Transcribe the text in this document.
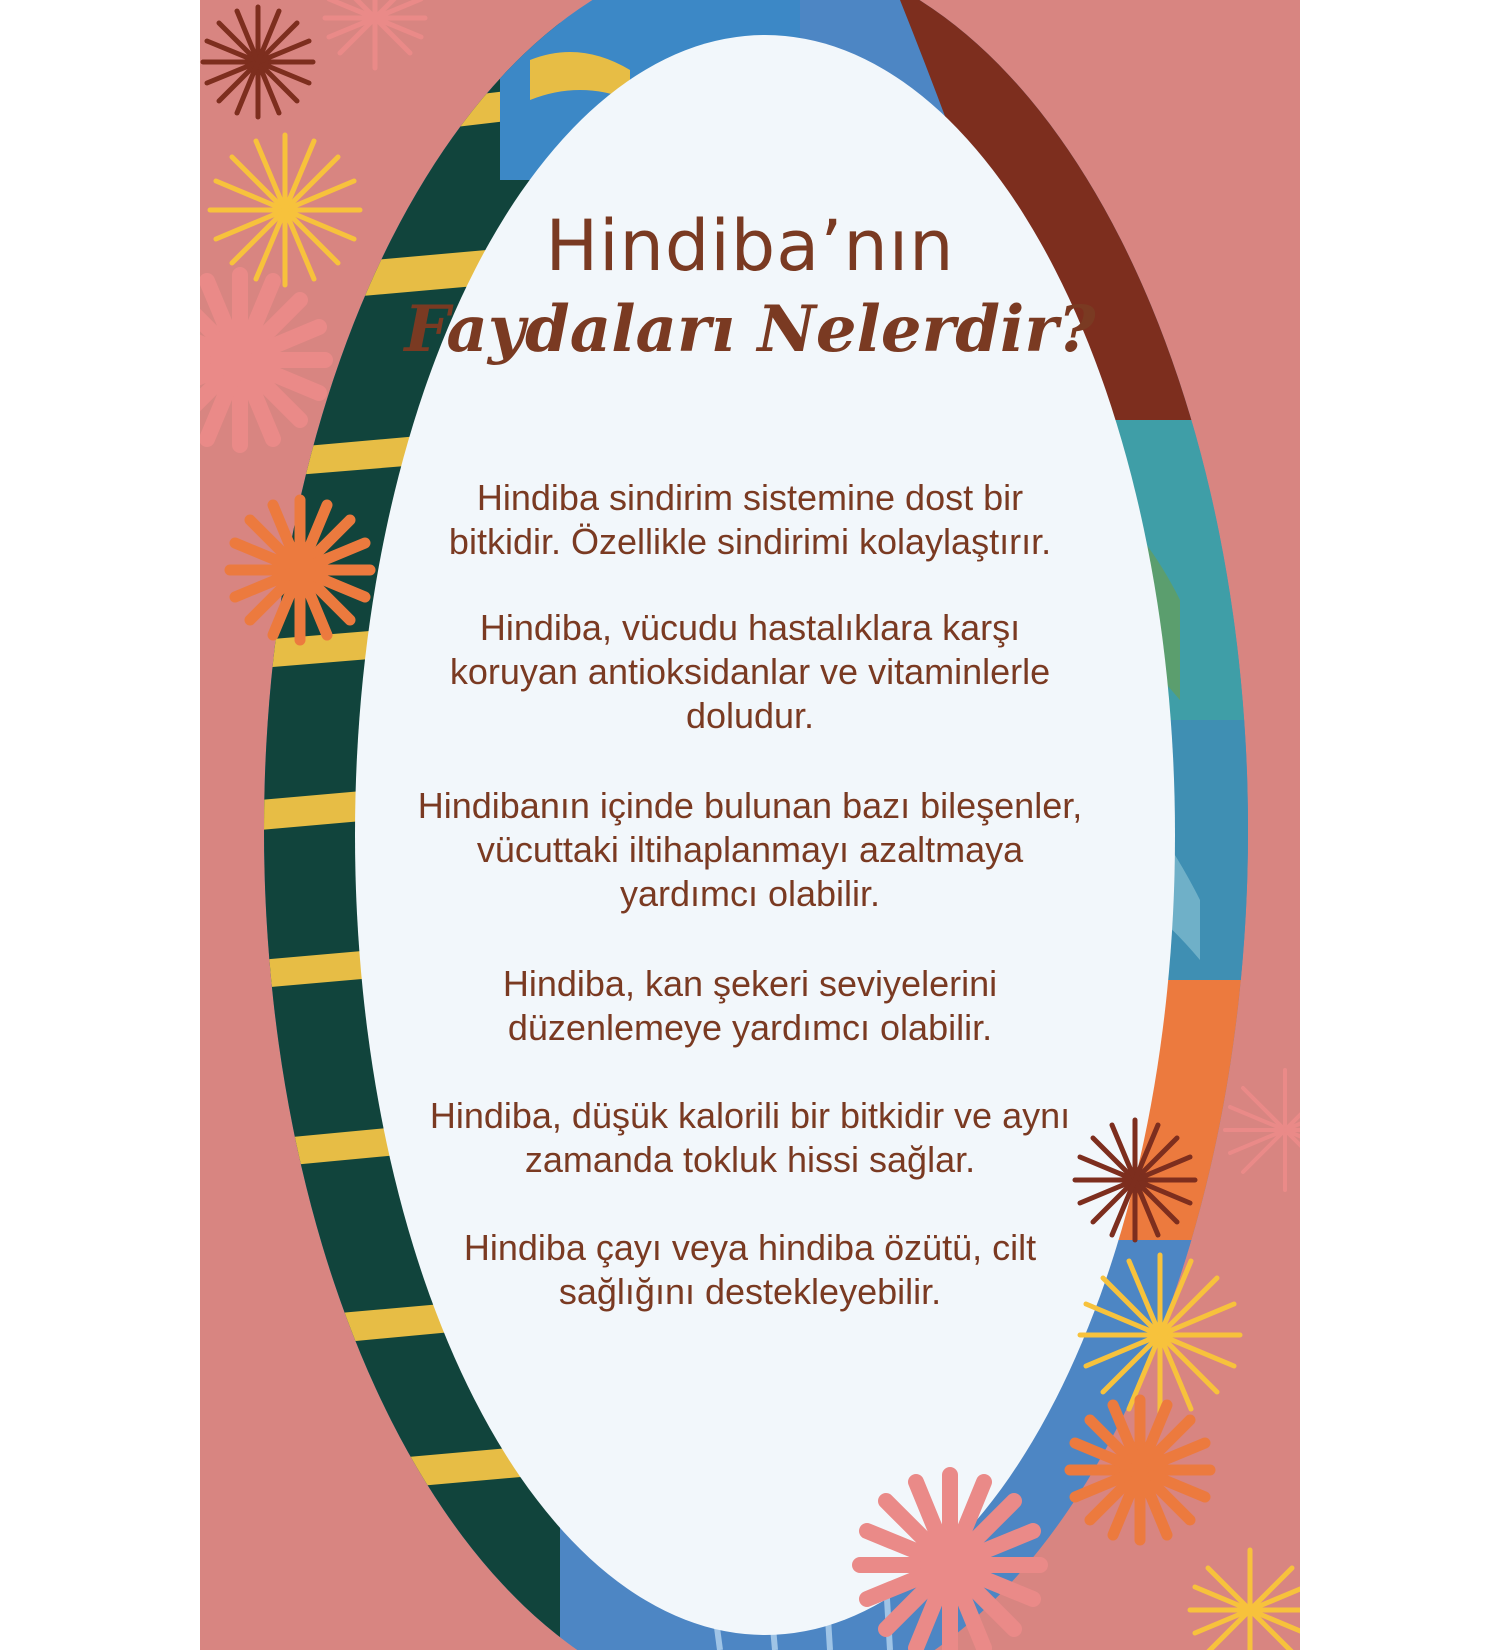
Hindiba’nın
Faydaları Nelerdir?
Hindiba sindirim sistemine dost bir
bitkidir. Özellikle sindirimi kolaylaştırır.
Hindiba, vücudu hastalıklara karşı
koruyan antioksidanlar ve vitaminlerle
doludur.
Hindibanın içinde bulunan bazı bileşenler,
vücuttaki iltihaplanmayı azaltmaya
yardımcı olabilir.
Hindiba, kan şekeri seviyelerini
düzenlemeye yardımcı olabilir.
Hindiba, düşük kalorili bir bitkidir ve aynı
zamanda tokluk hissi sağlar.
Hindiba çayı veya hindiba özütü, cilt
sağlığını destekleyebilir.
